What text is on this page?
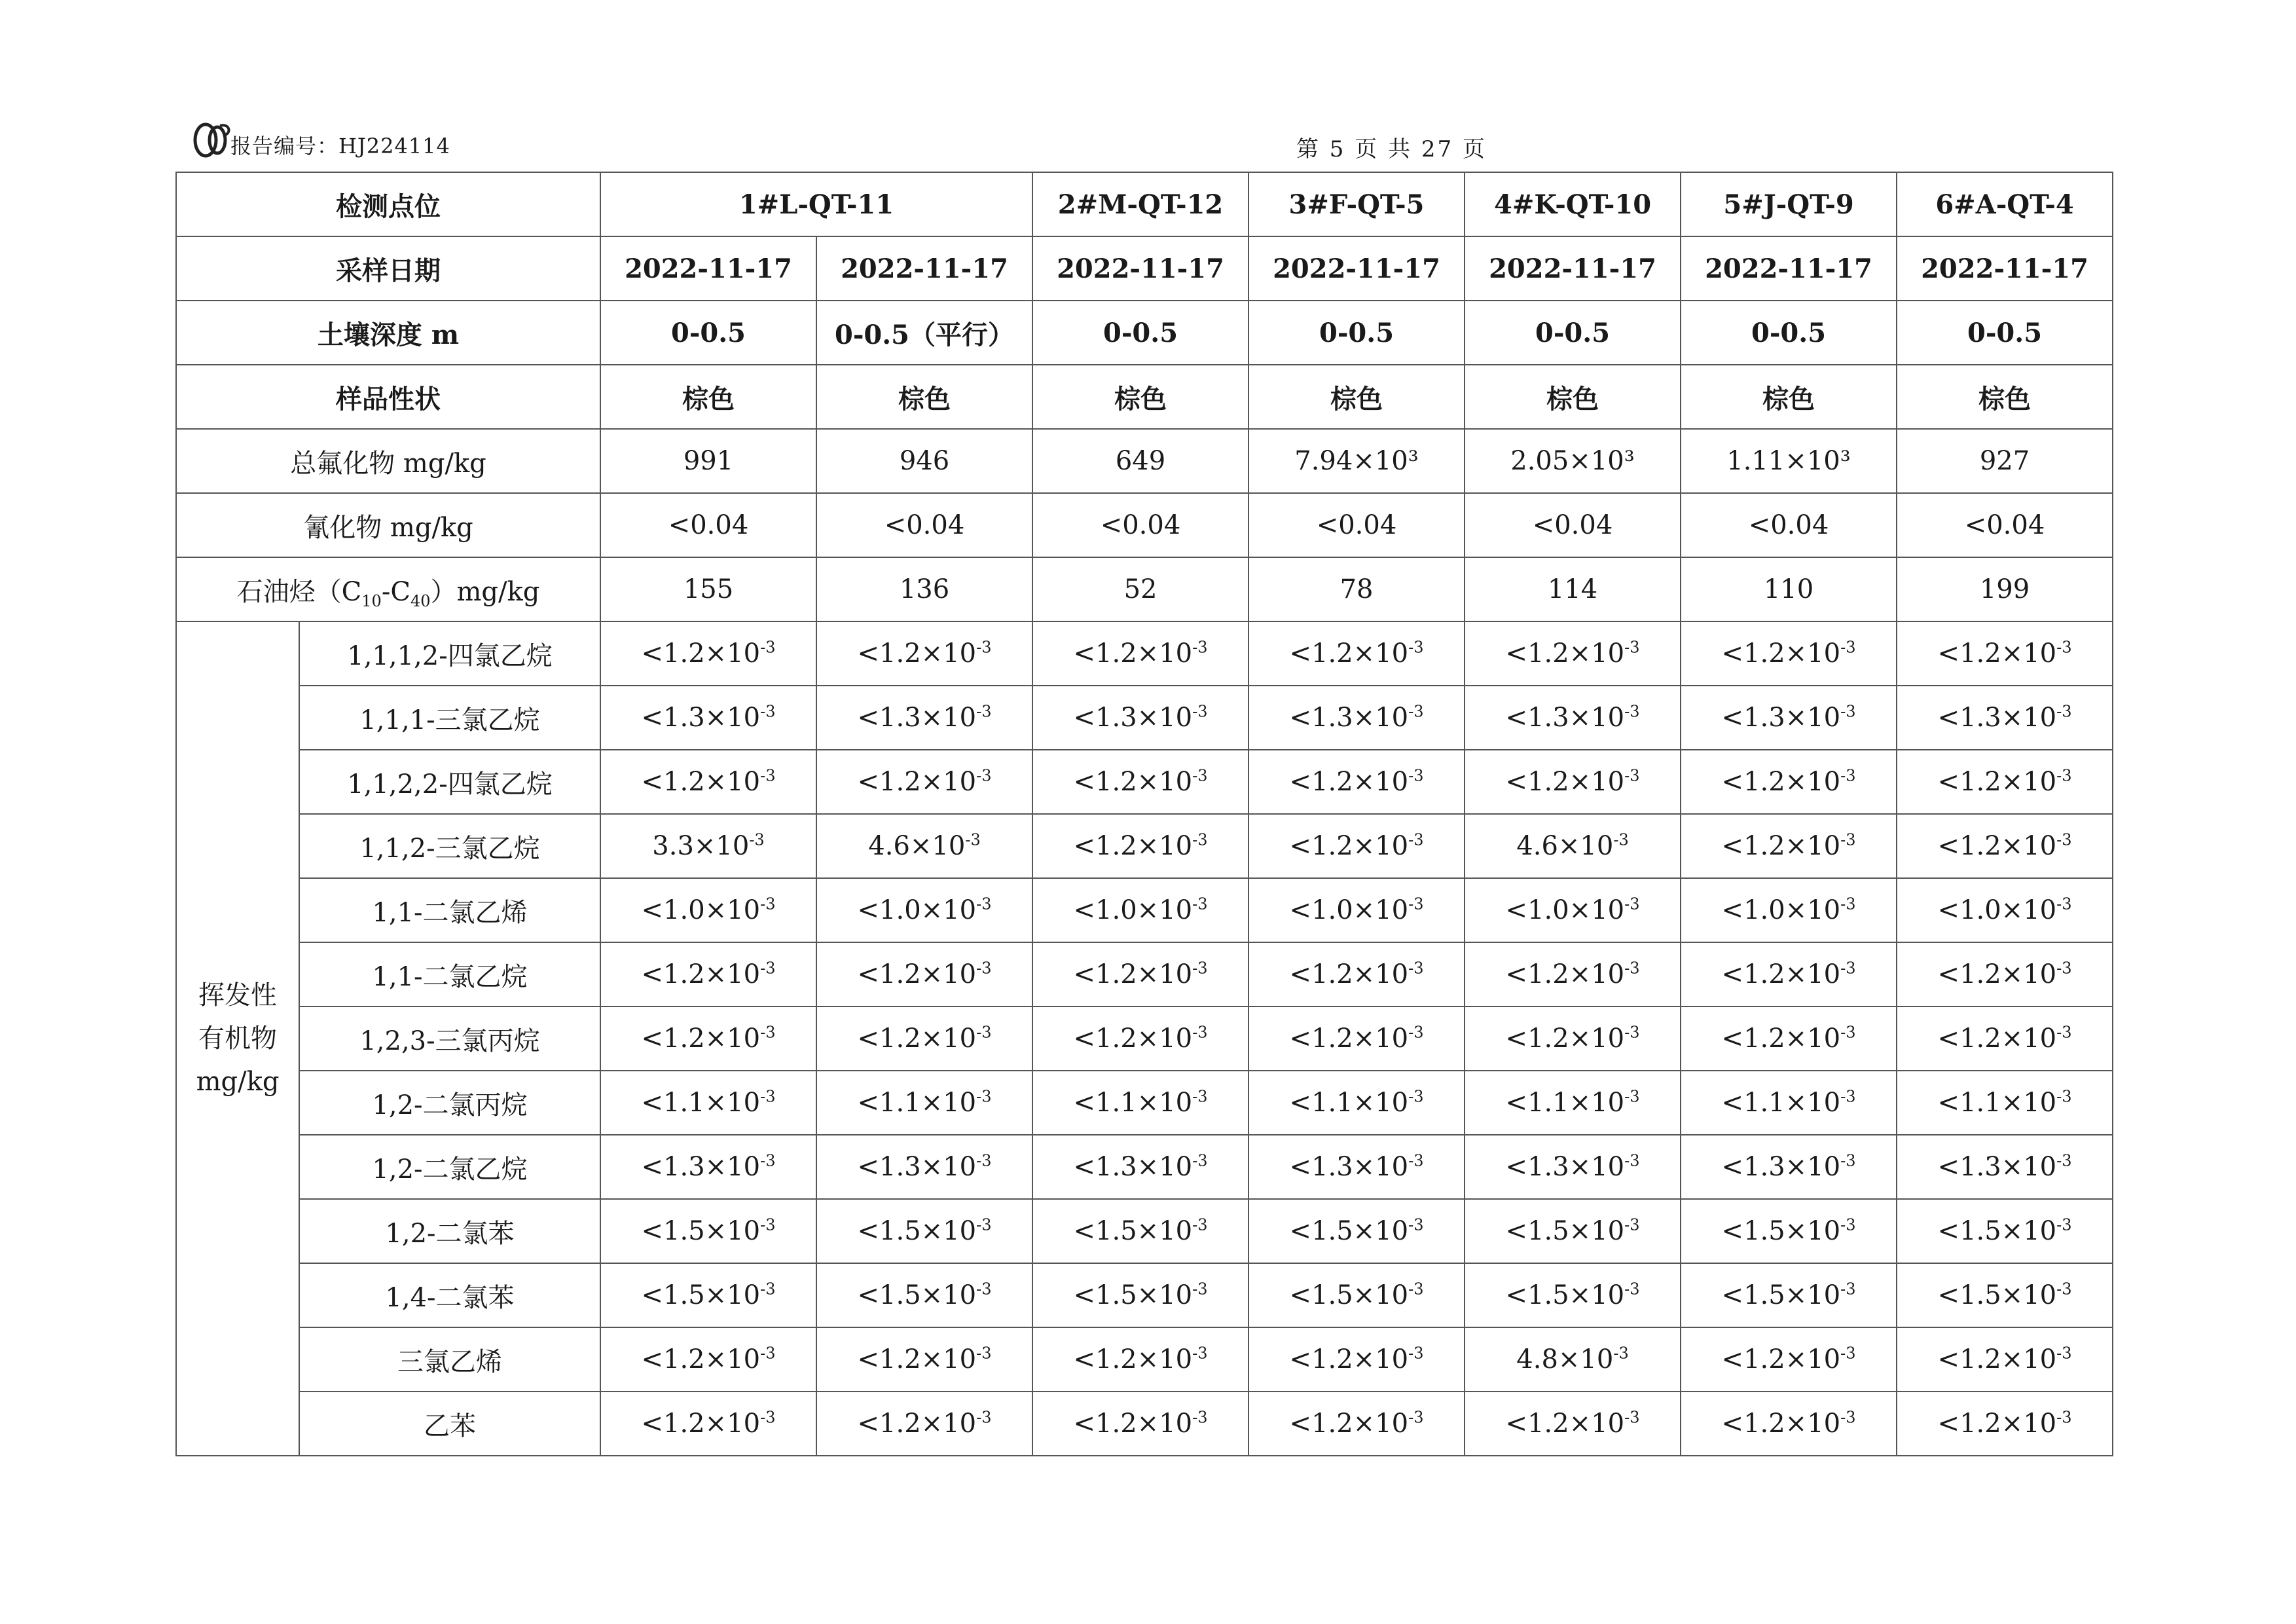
报告编号：HJ224114	第 5 页 共 27 页
检测点位		1#L-QT-11		2#M-QT-12	3#F-QT-5	4#K-QT-10	5#J-QT-9	6#A-QT-4
采样日期		2022-11-17	2022-11-17	2022-11-17	2022-11-17	2022-11-17	2022-11-17	2022-11-17
土壤深度 m		0-0.5	0-0.5（平行）	0-0.5	0-0.5	0-0.5	0-0.5	0-0.5
样品性状		棕色	棕色	棕色	棕色	棕色	棕色	棕色
总氟化物 mg/kg		991	946	649	7.94×10³	2.05×10³	1.11×10³	927
氰化物 mg/kg		<0.04	<0.04	<0.04	<0.04	<0.04	<0.04	<0.04
石油烃$(C_{10}-C_{40})mg/kg$		155	136	52	78	114	110	199

挥发性
有机物
mg/kg	1,1,1,2-四氯乙烷	$<1.2\times 10^{-3}$	$<1.2\times 10^{-3}$	$<1.2\times 10^{-3}$	$<1.2\times 10^{-3}$	$<1.2\times 10^{-3}$	$<1.2\times 10^{-3}$	$<1.2\times 10^{-3}$
	1,1,1-三氯乙烷	$<1.3\times 10^{-3}$	$<1.3\times 10^{-3}$	$<1.3\times 10^{-3}$	$<1.3\times 10^{-3}$	$<1.3\times 10^{-3}$	$<1.3\times 10^{-3}$	$<1.3\times 10^{-3}$
	1,1,2,2-四氯乙烷	$<1.2\times 10^{-3}$	$<1.2\times 10^{-3}$	$<1.2\times 10^{-3}$	$<1.2\times 10^{-3}$	$<1.2\times 10^{-3}$	$<1.2\times 10^{-3}$	$<1.2\times 10^{-3}$
	1,1,2-三氯乙烷	$3.3\times 10^{-3}$	$4.6\times 10^{-3}$	$<1.2\times 10^{-3}$	$<1.2\times 10^{-3}$	$4.6\times 10^{-3}$	$<1.2\times 10^{-3}$	$<1.2\times 10^{-3}$
	1,1-二氯乙烯	$<1.0\times 10^{-3}$	$<1.0\times 10^{-3}$	$<1.0\times 10^{-3}$	$<1.0\times 10^{-3}$	$<1.0\times 10^{-3}$	$<1.0\times 10^{-3}$	$<1.0\times 10^{-3}$
	1,1-二氯乙烷	$<1.2\times 10^{-3}$	$<1.2\times 10^{-3}$	$<1.2\times 10^{-3}$	$<1.2\times 10^{-3}$	$<1.2\times 10^{-3}$	$<1.2\times 10^{-3}$	$<1.2\times 10^{-3}$
	1,2,3-三氯丙烷	$<1.2\times 10^{-3}$	$<1.2\times 10^{-3}$	$<1.2\times 10^{-3}$	$<1.2\times 10^{-3}$	$<1.2\times 10^{-3}$	$<1.2\times 10^{-3}$	$<1.2\times 10^{-3}$
	1,2-二氯丙烷	$<1.1\times 10^{-3}$	$<1.1\times 10^{-3}$	$<1.1\times 10^{-3}$	$<1.1\times 10^{-3}$	$<1.1\times 10^{-3}$	$<1.1\times 10^{-3}$	$<1.1\times 10^{-3}$
	1,2-二氯乙烷	$<1.3\times 10^{-3}$	$<1.3\times 10^{-3}$	$<1.3\times 10^{-3}$	$<1.3\times 10^{-3}$	$<1.3\times 10^{-3}$	$<1.3\times 10^{-3}$	$<1.3\times 10^{-3}$
	1,2-二氯苯	$<1.5\times 10^{-3}$	$<1.5\times 10^{-3}$	$<1.5\times 10^{-3}$	$<1.5\times 10^{-3}$	$<1.5\times 10^{-3}$	$<1.5\times 10^{-3}$	$<1.5\times 10^{-3}$
	1,4-二氯苯	$<1.5\times 10^{-3}$	$<1.5\times 10^{-3}$	$<1.5\times 10^{-3}$	$<1.5\times 10^{-3}$	$<1.5\times 10^{-3}$	$<1.5\times 10^{-3}$	$<1.5\times 10^{-3}$
	三氯乙烯	$<1.2\times 10^{-3}$	$<1.2\times 10^{-3}$	$<1.2\times 10^{-3}$	$<1.2\times 10^{-3}$	$4.8\times 10^{-3}$	$<1.2\times 10^{-3}$	$<1.2\times 10^{-3}$
	乙苯	$<1.2\times 10^{-3}$	$<1.2\times 10^{-3}$	$<1.2\times 10^{-3}$	$<1.2\times 10^{-3}$	$<1.2\times 10^{-3}$	$<1.2\times 10^{-3}$	$<1.2\times 10^{-3}$
